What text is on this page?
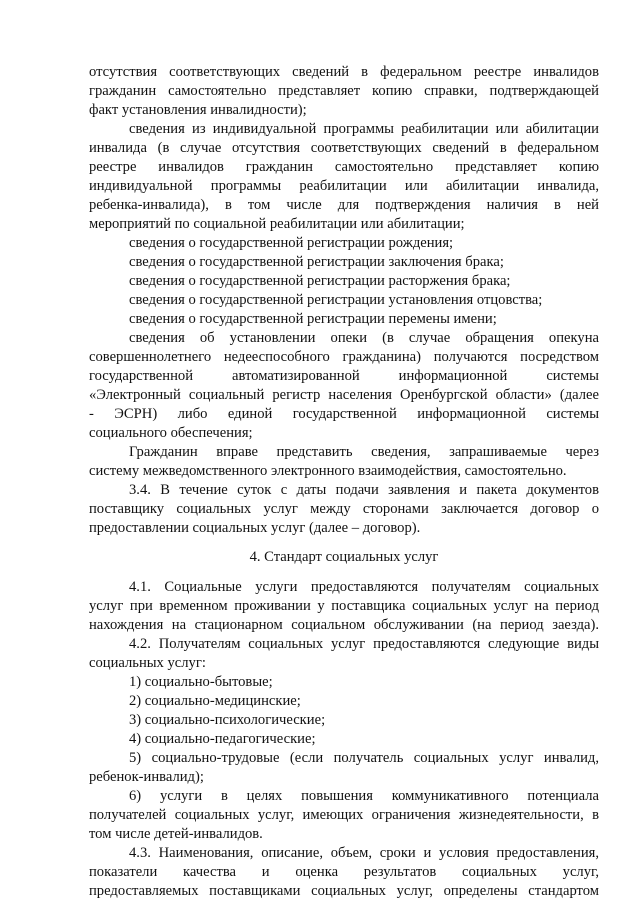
отсутствия соответствующих сведений в федеральном реестре инвалидов
гражданин самостоятельно представляет копию справки, подтверждающей
факт установления инвалидности);
сведения из индивидуальной программы реабилитации или абилитации
инвалида (в случае отсутствия соответствующих сведений в федеральном
реестре инвалидов гражданин самостоятельно представляет копию
индивидуальной программы реабилитации или абилитации инвалида,
ребенка-инвалида), в том числе для подтверждения наличия в ней
мероприятий по социальной реабилитации или абилитации;
сведения о государственной регистрации рождения;
сведения о государственной регистрации заключения брака;
сведения о государственной регистрации расторжения брака;
сведения о государственной регистрации установления отцовства;
сведения о государственной регистрации перемены имени;
сведения об установлении опеки (в случае обращения опекуна
совершеннолетнего недееспособного гражданина) получаются посредством
государственной автоматизированной информационной системы
«Электронный социальный регистр населения Оренбургской области» (далее
- ЭСРН) либо единой государственной информационной системы
социального обеспечения;
Гражданин вправе представить сведения, запрашиваемые через
систему межведомственного электронного взаимодействия, самостоятельно.
3.4. В течение суток с даты подачи заявления и пакета документов
поставщику социальных услуг между сторонами заключается договор о
предоставлении социальных услуг (далее – договор).
4. Стандарт социальных услуг
4.1. Социальные услуги предоставляются получателям социальных
услуг при временном проживании у поставщика социальных услуг на период
нахождения на стационарном социальном обслуживании (на период заезда).
4.2. Получателям социальных услуг предоставляются следующие виды
социальных услуг:
1) социально-бытовые;
2) социально-медицинские;
3) социально-психологические;
4) социально-педагогические;
5) социально-трудовые (если получатель социальных услуг инвалид,
ребенок-инвалид);
6) услуги в целях повышения коммуникативного потенциала
получателей социальных услуг, имеющих ограничения жизнедеятельности, в
том числе детей-инвалидов.
4.3. Наименования, описание, объем, сроки и условия предоставления,
показатели качества и оценка результатов социальных услуг,
предоставляемых поставщиками социальных услуг, определены стандартом
